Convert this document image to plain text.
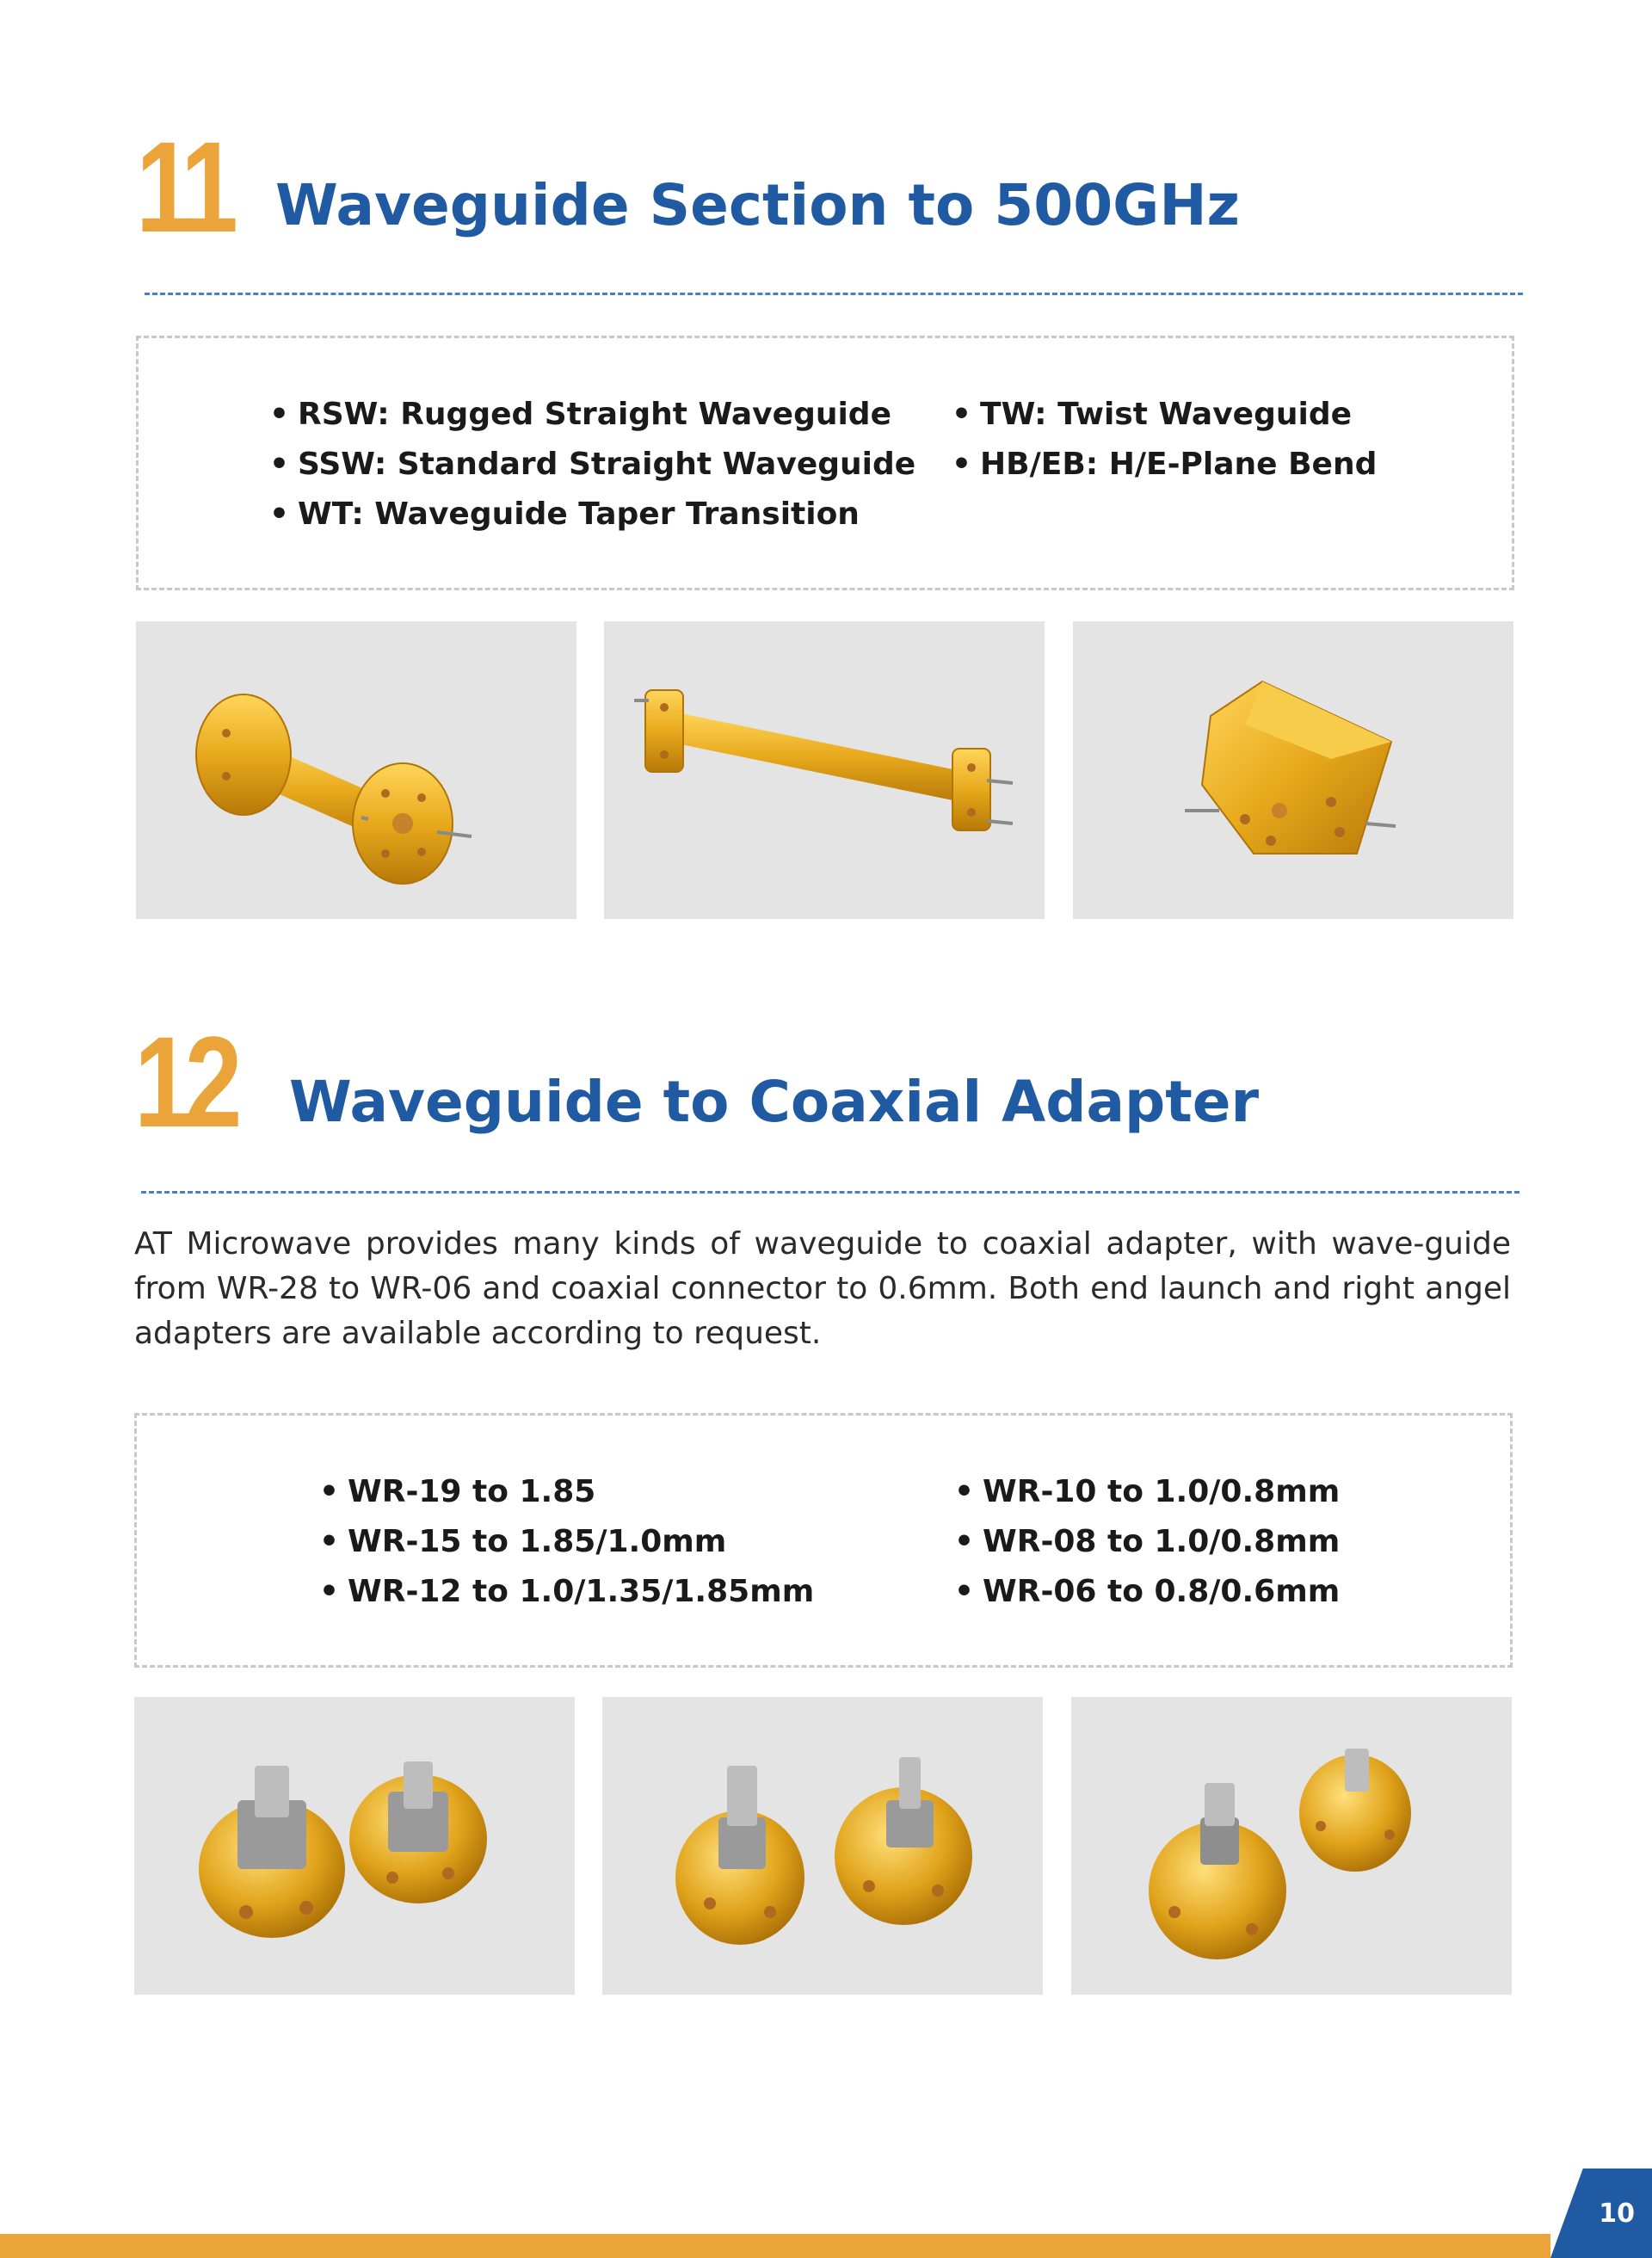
11 Waveguide Section to 500GHz
• RSW: Rugged Straight Waveguide
• SSW: Standard Straight Waveguide
• WT: Waveguide Taper Transition
• TW: Twist Waveguide
• HB/EB: H/E-Plane Bend
12 Waveguide to Coaxial Adapter

AT Microwave provides many kinds of waveguide to coaxial adapter, with wave-guide from WR-28 to WR-06 and coaxial connector to 0.6mm. Both end launch and right angel adapters are available according to request.

• WR-19 to 1.85
• WR-15 to 1.85/1.0mm
• WR-12 to 1.0/1.35/1.85mm
• WR-10 to 1.0/0.8mm
• WR-08 to 1.0/0.8mm
• WR-06 to 0.8/0.6mm
10
